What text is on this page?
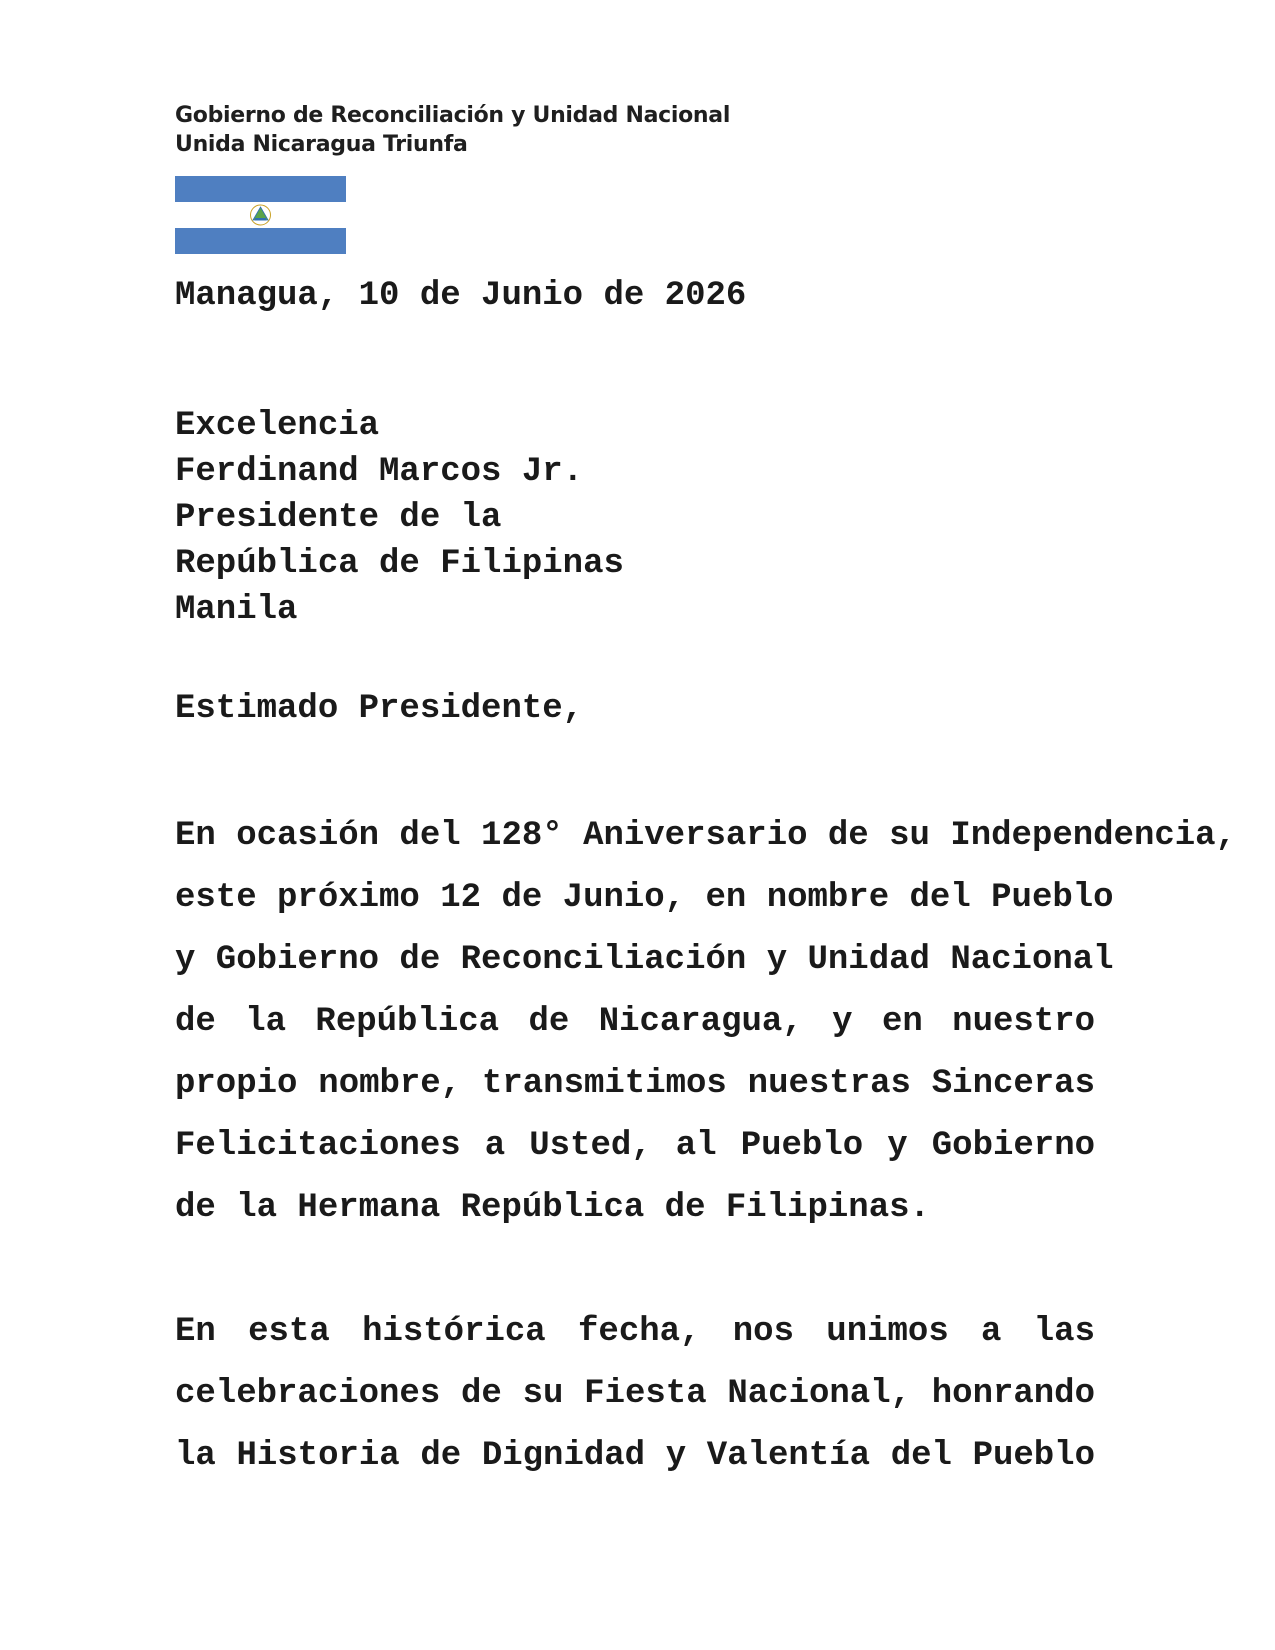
Gobierno de Reconciliación y Unidad Nacional
Unida Nicaragua Triunfa
Managua, 10 de Junio de 2026
Excelencia
Ferdinand Marcos Jr.
Presidente de la
República de Filipinas
Manila
Estimado Presidente,
En ocasión del 128° Aniversario de su Independencia,
este próximo 12 de Junio, en nombre del Pueblo
y Gobierno de Reconciliación y Unidad Nacional
de la República de Nicaragua, y en nuestro
propio nombre, transmitimos nuestras Sinceras
Felicitaciones a Usted, al Pueblo y Gobierno
de la Hermana República de Filipinas.
En esta histórica fecha, nos unimos a las
celebraciones de su Fiesta Nacional, honrando
la Historia de Dignidad y Valentía del Pueblo
